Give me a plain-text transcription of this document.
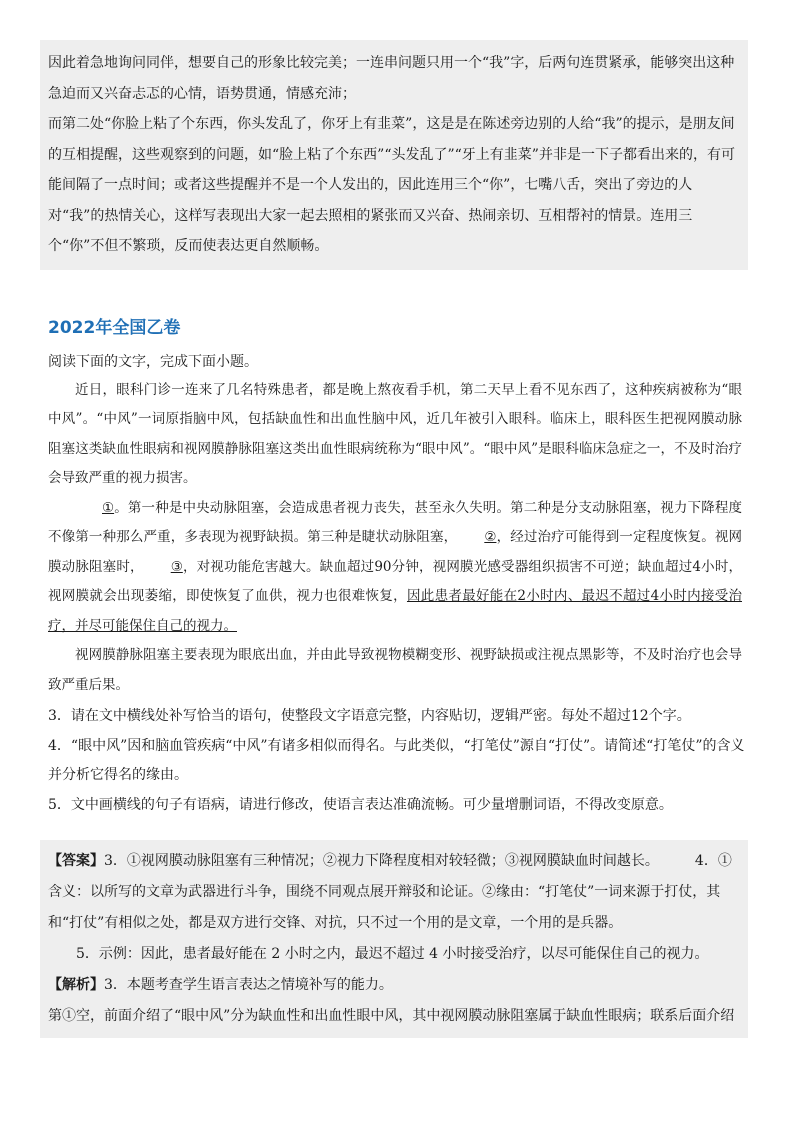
因此着急地询问同伴，想要自己的形象比较完美；一连串问题只用一个“我”字，后两句连贯紧承，能够突出这种急迫而又兴奋忐忑的心情，语势贯通，情感充沛；

而第二处“你脸上粘了个东西，你头发乱了，你牙上有韭菜”，这是是在陈述旁边别的人给“我”的提示，是朋友间的互相提醒，这些观察到的问题，如“脸上粘了个东西”“头发乱了”“牙上有韭菜”并非是一下子都看出来的，有可能间隔了一点时间；或者这些提醒并不是一个人发出的，因此连用三个“你”，七嘴八舌，突出了旁边的人对“我”的热情关心，这样写表现出大家一起去照相的紧张而又兴奋、热闹亲切、互相帮衬的情景。连用三个“你”不但不繁琐，反而使表达更自然顺畅。

2022年全国乙卷

阅读下面的文字，完成下面小题。

近日，眼科门诊一连来了几名特殊患者，都是晚上熬夜看手机，第二天早上看不见东西了，这种疾病被称为“眼中风”。“中风”一词原指脑中风，包括缺血性和出血性脑中风，近几年被引入眼科。临床上，眼科医生把视网膜动脉阻塞这类缺血性眼病和视网膜静脉阻塞这类出血性眼病统称为“眼中风”。“眼中风”是眼科临床急症之一，不及时治疗会导致严重的视力损害。

①。第一种是中央动脉阻塞，会造成患者视力丧失，甚至永久失明。第二种是分支动脉阻塞，视力下降程度不像第一种那么严重，多表现为视野缺损。第三种是睫状动脉阻塞， ②，经过治疗可能得到一定程度恢复。视网膜动脉阻塞时， ③，对视功能危害越大。缺血超过90分钟，视网膜光感受器组织损害不可逆；缺血超过4小时，视网膜就会出现萎缩，即使恢复了血供，视力也很难恢复，因此患者最好能在2小时内、最迟不超过4小时内接受治疗，并尽可能保住自己的视力。

视网膜静脉阻塞主要表现为眼底出血，并由此导致视物模糊变形、视野缺损或注视点黑影等，不及时治疗也会导致严重后果。

3．请在文中横线处补写恰当的语句，使整段文字语意完整，内容贴切，逻辑严密。每处不超过12个字。

4．“眼中风”因和脑血管疾病“中风”有诸多相似而得名。与此类似，“打笔仗”源自“打仗”。请简述“打笔仗”的含义并分析它得名的缘由。

5．文中画横线的句子有语病，请进行修改，使语言表达准确流畅。可少量增删词语，不得改变原意。

【答案】3．①视网膜动脉阻塞有三种情况；②视力下降程度相对较轻微；③视网膜缺血时间越长。	4．①含义：以所写的文章为武器进行斗争，围绕不同观点展开辩驳和论证。②缘由：“打笔仗”一词来源于打仗，其和“打仗”有相似之处，都是双方进行交锋、对抗，只不过一个用的是文章，一个用的是兵器。

5．示例：因此，患者最好能在 2 小时之内，最迟不超过 4 小时接受治疗，以尽可能保住自己的视力。

【解析】3．本题考查学生语言表达之情境补写的能力。

第①空，前面介绍了“眼中风”分为缺血性和出血性眼中风，其中视网膜动脉阻塞属于缺血性眼病；联系后面介绍
